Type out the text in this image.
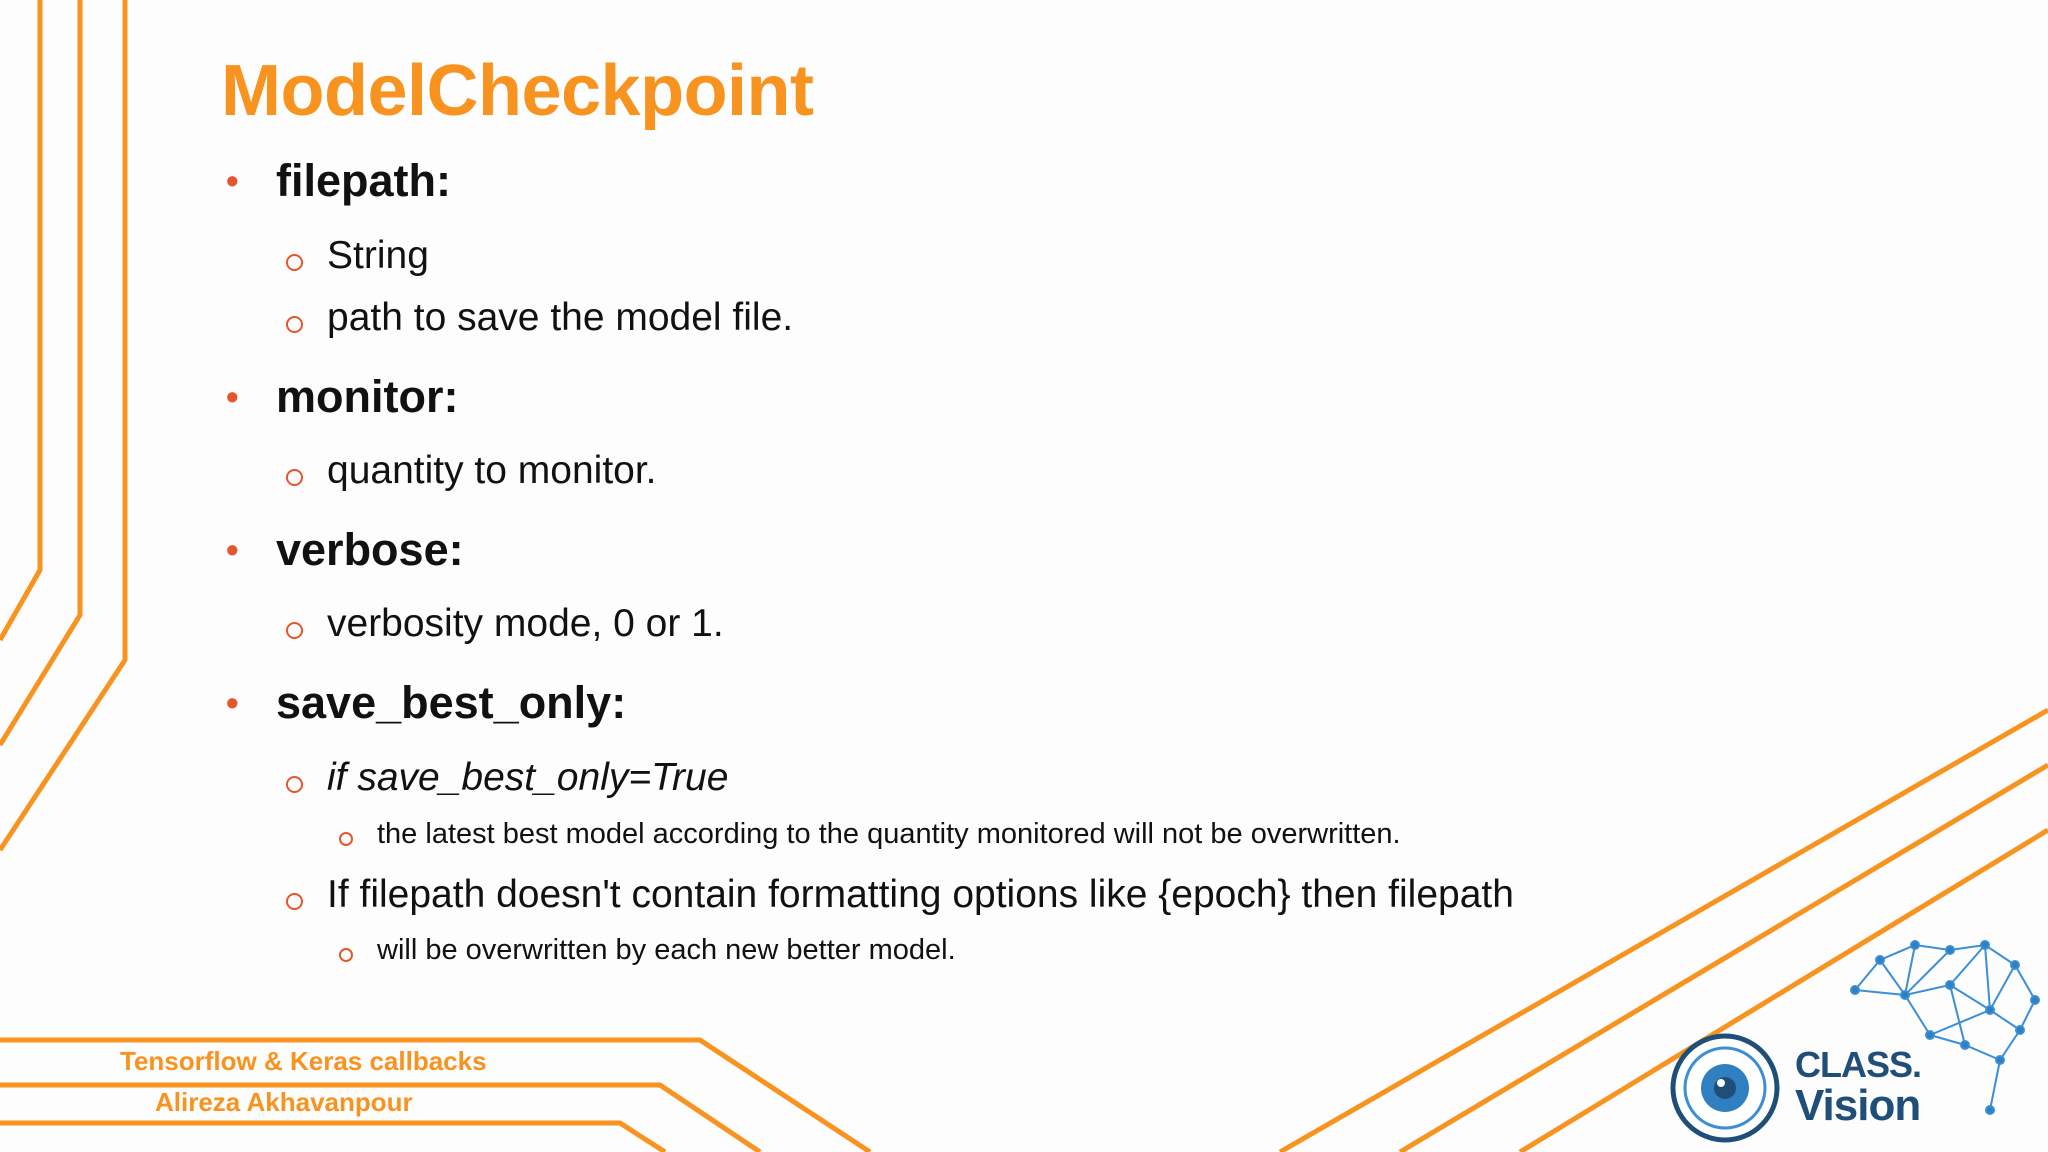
ModelCheckpoint
• filepath:
String
path to save the model file.
• monitor:
quantity to monitor.
• verbose:
verbosity mode, 0 or 1.
• save_best_only:
if save_best_only=True
the latest best model according to the quantity monitored will not be overwritten.
If filepath doesn't contain formatting options like {epoch} then filepath
will be overwritten by each new better model.
Tensorflow & Keras callbacks
Alireza Akhavanpour
CLASS.
Vision
